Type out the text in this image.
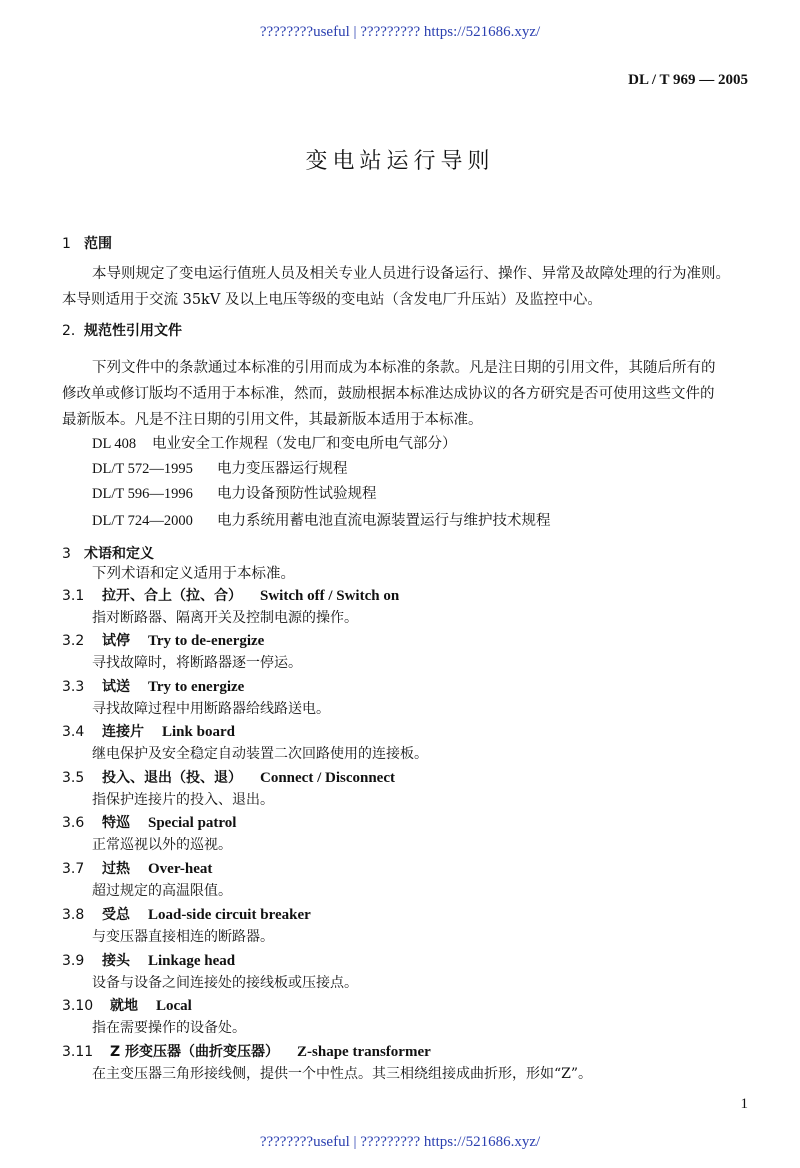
????????useful | ????????? https://521686.xyz/
DL / T 969 — 2005
变电站运行导则
1 范围
本导则规定了变电运行值班人员及相关专业人员进行设备运行、操作、异常及故障处理的行为准则。
本导则适用于交流 35kV 及以上电压等级的变电站（含发电厂升压站）及监控中心。
2．规范性引用文件
下列文件中的条款通过本标准的引用而成为本标准的条款。凡是注日期的引用文件，其随后所有的
修改单或修订版均不适用于本标准，然而，鼓励根据本标准达成协议的各方研究是否可使用这些文件的
最新版本。凡是不注日期的引用文件，其最新版本适用于本标准。
DL 408 电业安全工作规程（发电厂和变电所电气部分）
DL/T 572—1995 电力变压器运行规程
DL/T 596—1996 电力设备预防性试验规程
DL/T 724—2000 电力系统用蓄电池直流电源装置运行与维护技术规程
3 术语和定义
下列术语和定义适用于本标准。
3.1 拉开、合上（拉、合） Switch off / Switch on
指对断路器、隔离开关及控制电源的操作。
3.2 试停 Try to de-energize
寻找故障时，将断路器逐一停运。
3.3 试送 Try to energize
寻找故障过程中用断路器给线路送电。
3.4 连接片 Link board
继电保护及安全稳定自动装置二次回路使用的连接板。
3.5 投入、退出（投、退） Connect / Disconnect
指保护连接片的投入、退出。
3.6 特巡 Special patrol
正常巡视以外的巡视。
3.7 过热 Over-heat
超过规定的高温限值。
3.8 受总 Load-side circuit breaker
与变压器直接相连的断路器。
3.9 接头 Linkage head
设备与设备之间连接处的接线板或压接点。
3.10 就地 Local
指在需要操作的设备处。
3.11 Z 形变压器（曲折变压器） Z-shape transformer
在主变压器三角形接线侧，提供一个中性点。其三相绕组接成曲折形，形如“Z”。
1
????????useful | ????????? https://521686.xyz/
